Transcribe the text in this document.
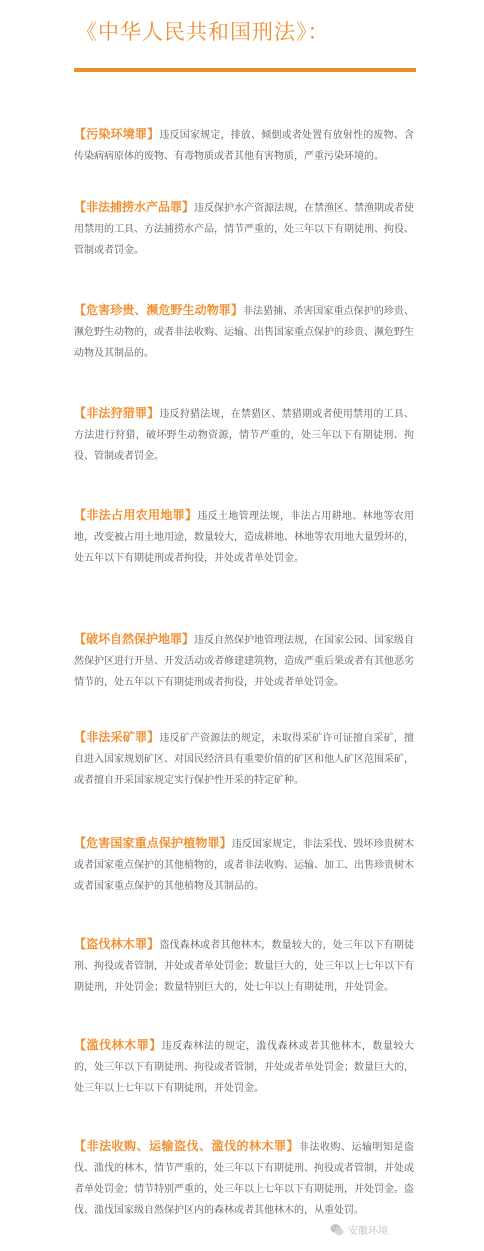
《中华人民共和国刑法》：

【污染环境罪】违反国家规定，排放、倾倒或者处置有放射性的废物、含传染病病原体的废物、有毒物质或者其他有害物质，严重污染环境的。

【非法捕捞水产品罪】违反保护水产资源法规，在禁渔区、禁渔期或者使用禁用的工具、方法捕捞水产品，情节严重的，处三年以下有期徒刑、拘役、管制或者罚金。

【危害珍贵、濒危野生动物罪】非法猎捕、杀害国家重点保护的珍贵、濒危野生动物的，或者非法收购、运输、出售国家重点保护的珍贵、濒危野生动物及其制品的。

【非法狩猎罪】违反狩猎法规，在禁猎区、禁猎期或者使用禁用的工具、方法进行狩猎，破坏野生动物资源，情节严重的，处三年以下有期徒刑、拘役、管制或者罚金。

【非法占用农用地罪】违反土地管理法规，非法占用耕地、林地等农用地，改变被占用土地用途，数量较大，造成耕地、林地等农用地大量毁坏的，处五年以下有期徒刑或者拘役，并处或者单处罚金。

【破坏自然保护地罪】违反自然保护地管理法规，在国家公园、国家级自然保护区进行开垦、开发活动或者修建建筑物，造成严重后果或者有其他恶劣情节的，处五年以下有期徒刑或者拘役，并处或者单处罚金。

【非法采矿罪】违反矿产资源法的规定，未取得采矿许可证擅自采矿，擅自进入国家规划矿区、对国民经济具有重要价值的矿区和他人矿区范围采矿，或者擅自开采国家规定实行保护性开采的特定矿种。

【危害国家重点保护植物罪】违反国家规定，非法采伐、毁坏珍贵树木或者国家重点保护的其他植物的，或者非法收购、运输、加工、出售珍贵树木或者国家重点保护的其他植物及其制品的。

【盗伐林木罪】盗伐森林或者其他林木，数量较大的，处三年以下有期徒刑、拘役或者管制，并处或者单处罚金；数量巨大的，处三年以上七年以下有期徒刑，并处罚金；数量特别巨大的，处七年以上有期徒刑，并处罚金。

【滥伐林木罪】违反森林法的规定，滥伐森林或者其他林木，数量较大的，处三年以下有期徒刑、拘役或者管制，并处或者单处罚金；数量巨大的，处三年以上七年以下有期徒刑，并处罚金。

【非法收购、运输盗伐、滥伐的林木罪】非法收购、运输明知是盗伐、滥伐的林木，情节严重的，处三年以下有期徒刑、拘役或者管制，并处或者单处罚金；情节特别严重的，处三年以上七年以下有期徒刑，并处罚金。盗伐、滥伐国家级自然保护区内的森林或者其他林木的，从重处罚。

安徽环境
